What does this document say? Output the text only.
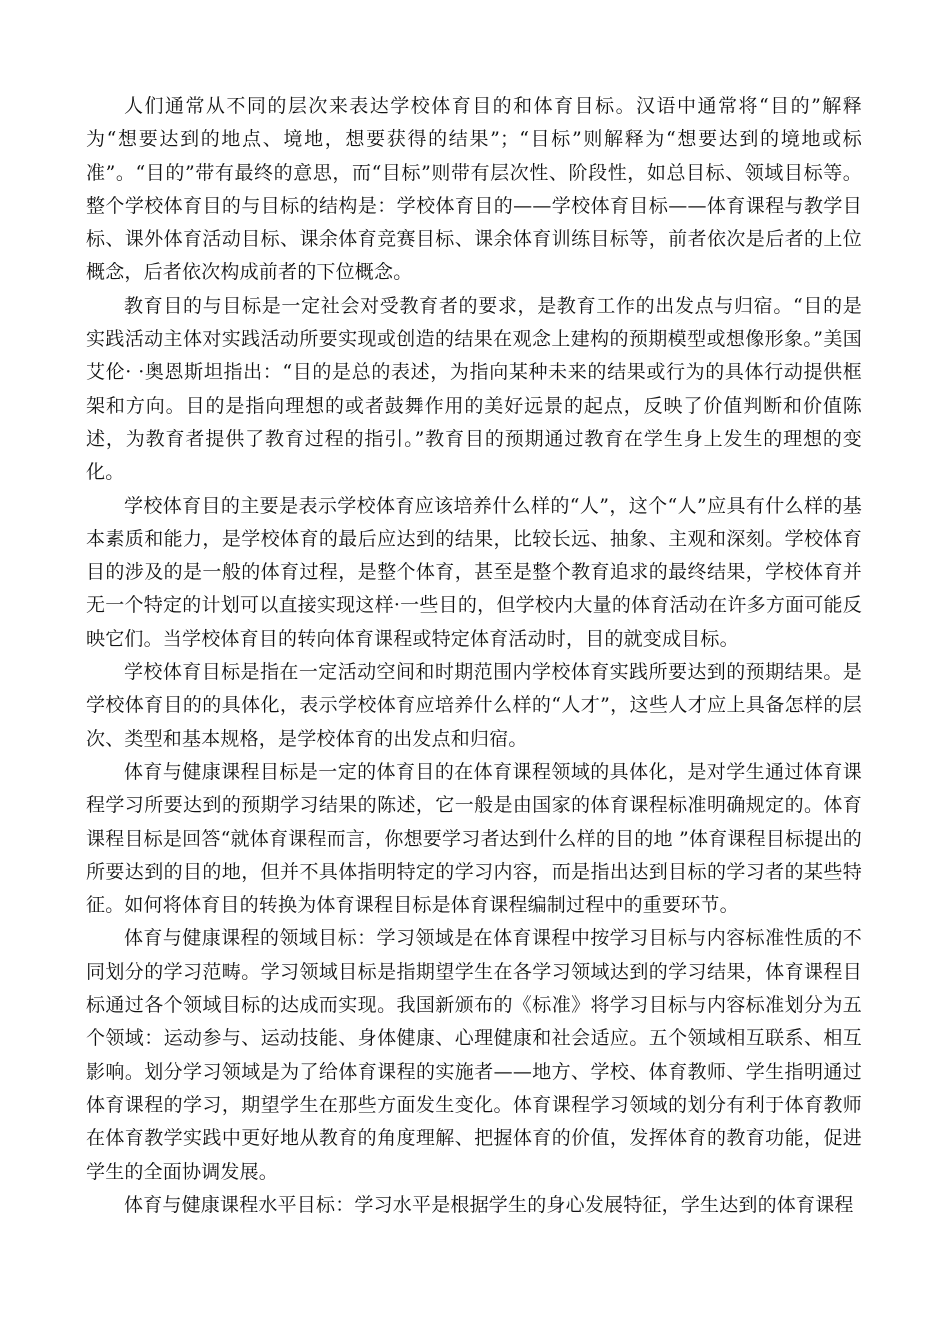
人们通常从不同的层次来表达学校体育目的和体育目标。汉语中通常将“目的”解释为“想要达到的地点、境地，想要获得的结果”；“目标”则解释为“想要达到的境地或标准”。“目的”带有最终的意思，而“目标”则带有层次性、阶段性，如总目标、领域目标等。整个学校体育目的与目标的结构是：学校体育目的——学校体育目标——体育课程与教学目标、课外体育活动目标、课余体育竞赛目标、课余体育训练目标等，前者依次是后者的上位概念，后者依次构成前者的下位概念。

教育目的与目标是一定社会对受教育者的要求，是教育工作的出发点与归宿。“目的是实践活动主体对实践活动所要实现或创造的结果在观念上建构的预期模型或想像形象。”美国艾伦· ·奥恩斯坦指出：“目的是总的表述，为指向某种未来的结果或行为的具体行动提供框架和方向。目的是指向理想的或者鼓舞作用的美好远景的起点，反映了价值判断和价值陈述，为教育者提供了教育过程的指引。”教育目的预期通过教育在学生身上发生的理想的变化。

学校体育目的主要是表示学校体育应该培养什么样的“人”，这个“人”应具有什么样的基本素质和能力，是学校体育的最后应达到的结果，比较长远、抽象、主观和深刻。学校体育目的涉及的是一般的体育过程，是整个体育，甚至是整个教育追求的最终结果，学校体育并无一个特定的计划可以直接实现这样·一些目的，但学校内大量的体育活动在许多方面可能反映它们。当学校体育目的转向体育课程或特定体育活动时，目的就变成目标。

学校体育目标是指在一定活动空间和时期范围内学校体育实践所要达到的预期结果。是学校体育目的的具体化，表示学校体育应培养什么样的“人才”，这些人才应上具备怎样的层次、类型和基本规格，是学校体育的出发点和归宿。

体育与健康课程目标是一定的体育目的在体育课程领域的具体化，是对学生通过体育课程学习所要达到的预期学习结果的陈述，它一般是由国家的体育课程标准明确规定的。体育课程目标是回答“就体育课程而言，你想要学习者达到什么样的目的地 ”体育课程目标提出的所要达到的目的地，但并不具体指明特定的学习内容，而是指出达到目标的学习者的某些特征。如何将体育目的转换为体育课程目标是体育课程编制过程中的重要环节。

体育与健康课程的领域目标：学习领域是在体育课程中按学习目标与内容标准性质的不同划分的学习范畴。学习领域目标是指期望学生在各学习领域达到的学习结果，体育课程目标通过各个领域目标的达成而实现。我国新颁布的《标准》将学习目标与内容标准划分为五个领域：运动参与、运动技能、身体健康、心理健康和社会适应。五个领域相互联系、相互影响。划分学习领域是为了给体育课程的实施者——地方、学校、体育教师、学生指明通过体育课程的学习，期望学生在那些方面发生变化。体育课程学习领域的划分有利于体育教师在体育教学实践中更好地从教育的角度理解、把握体育的价值，发挥体育的教育功能，促进学生的全面协调发展。

体育与健康课程水平目标：学习水平是根据学生的身心发展特征，学生达到的体育课程
